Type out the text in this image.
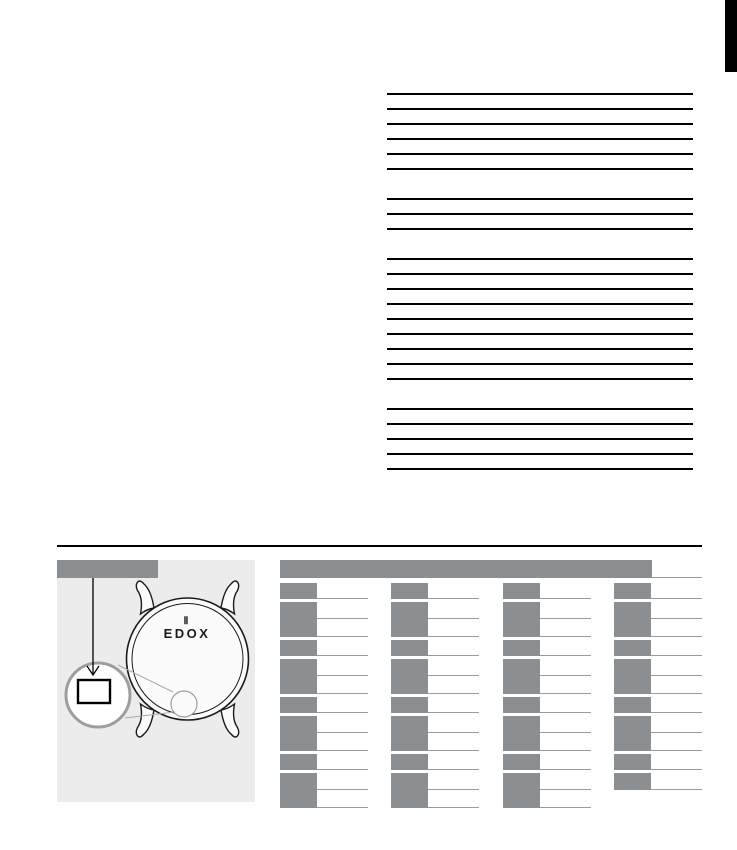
Ⅱ
EDOX
